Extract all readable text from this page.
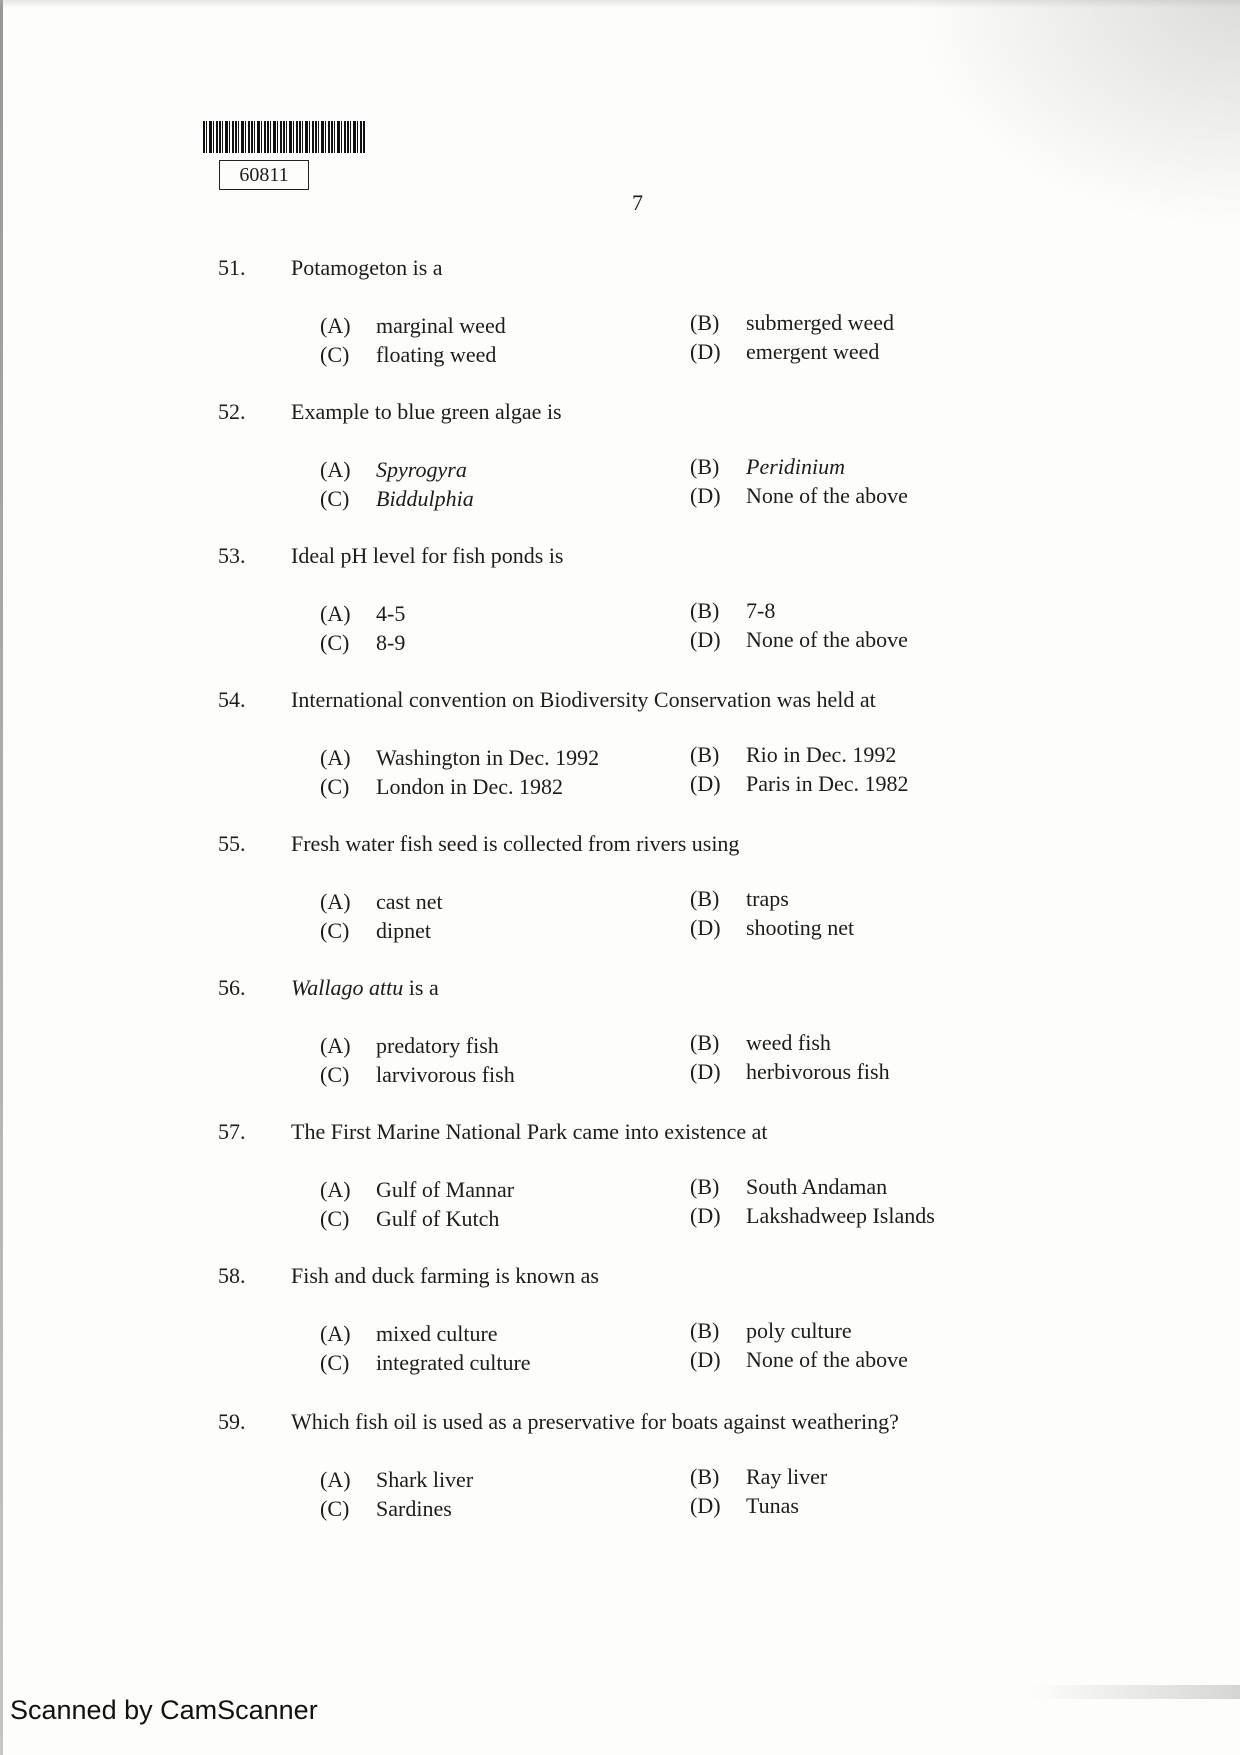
60811
7
51. Potamogeton is a
(A) marginal weed	(B) submerged weed
(C) floating weed	(D) emergent weed
52. Example to blue green algae is
(A) Spyrogyra	(B) Peridinium
(C) Biddulphia	(D) None of the above
53. Ideal pH level for fish ponds is
(A) 4-5	(B) 7-8
(C) 8-9	(D) None of the above
54. International convention on Biodiversity Conservation was held at
(A) Washington in Dec. 1992	(B) Rio in Dec. 1992
(C) London in Dec. 1982	(D) Paris in Dec. 1982
55. Fresh water fish seed is collected from rivers using
(A) cast net	(B) traps
(C) dipnet	(D) shooting net
56. Wallago attu is a
(A) predatory fish	(B) weed fish
(C) larvivorous fish	(D) herbivorous fish
57. The First Marine National Park came into existence at
(A) Gulf of Mannar	(B) South Andaman
(C) Gulf of Kutch	(D) Lakshadweep Islands
58. Fish and duck farming is known as
(A) mixed culture	(B) poly culture
(C) integrated culture	(D) None of the above
59. Which fish oil is used as a preservative for boats against weathering?
(A) Shark liver	(B) Ray liver
(C) Sardines	(D) Tunas
Scanned by CamScanner
